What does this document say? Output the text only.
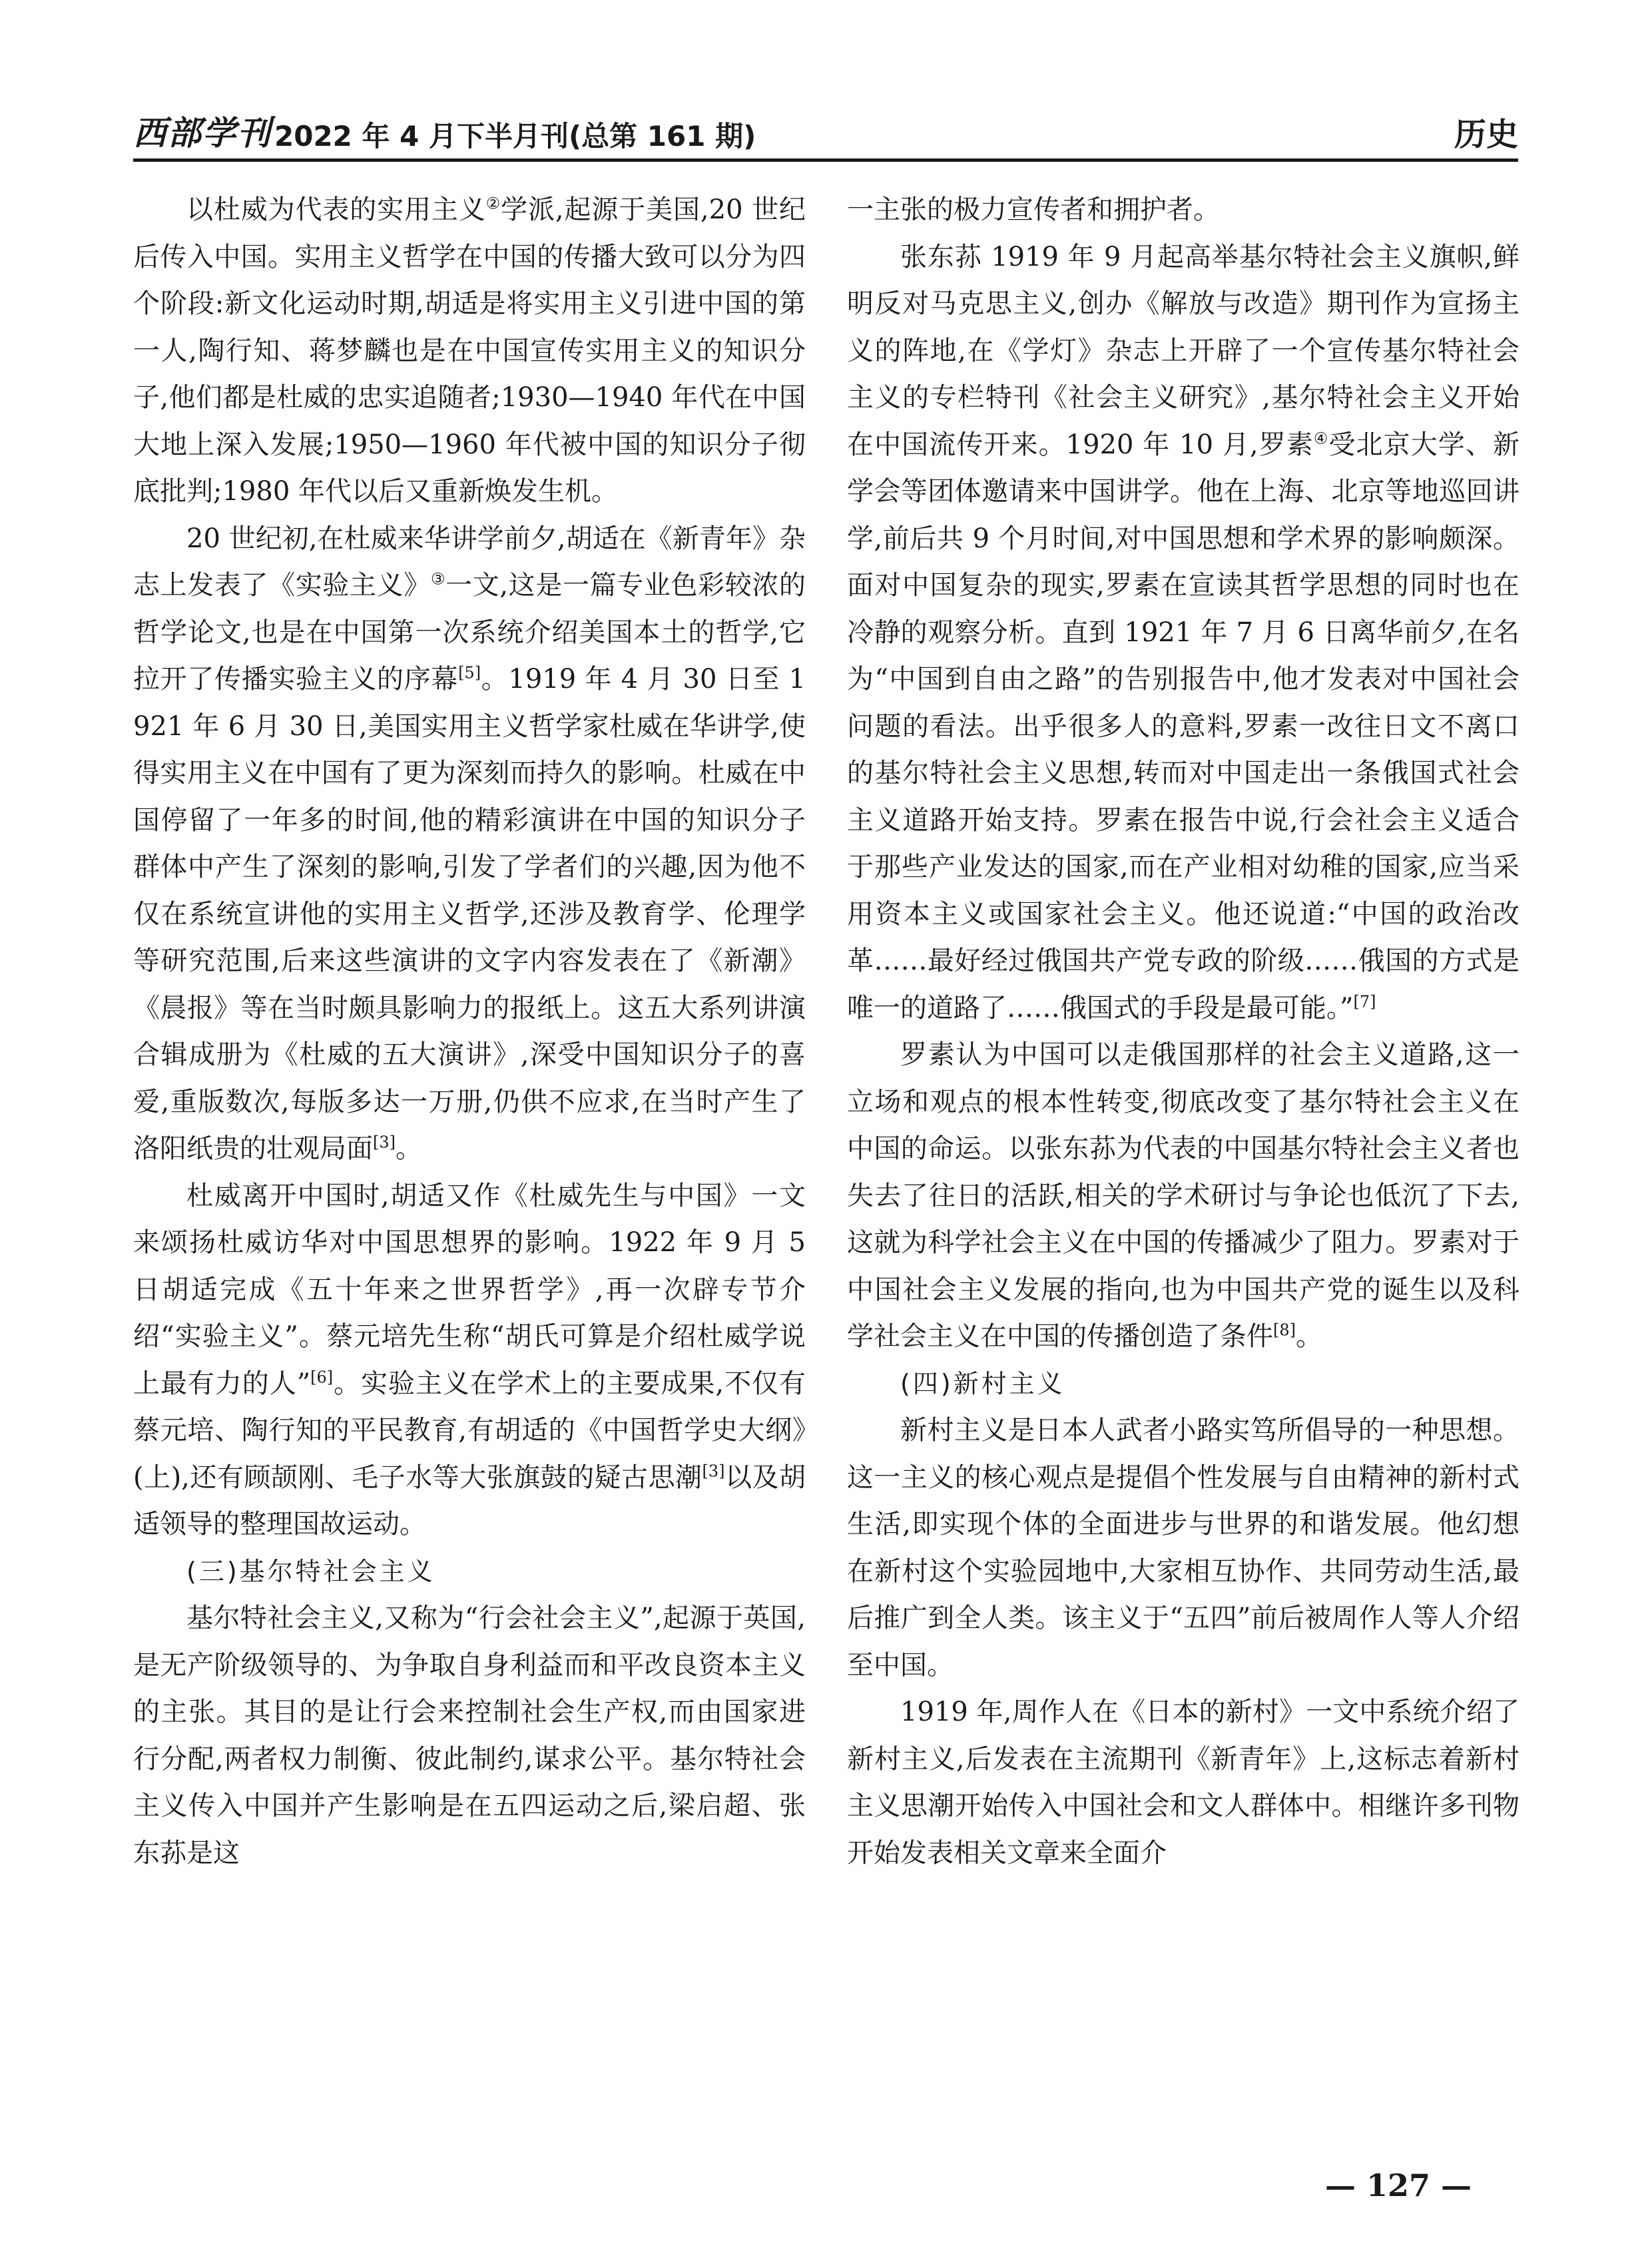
西部学刊 2022 年 4 月下半月刊(总第 161 期)	历史

以杜威为代表的实用主义②学派,起源于美国,20 世纪后传入中国。实用主义哲学在中国的传播大致可以分为四个阶段:新文化运动时期,胡适是将实用主义引进中国的第一人,陶行知、蒋梦麟也是在中国宣传实用主义的知识分子,他们都是杜威的忠实追随者;1930—1940 年代在中国大地上深入发展;1950—1960 年代被中国的知识分子彻底批判;1980 年代以后又重新焕发生机。

20 世纪初,在杜威来华讲学前夕,胡适在《新青年》杂志上发表了《实验主义》③一文,这是一篇专业色彩较浓的哲学论文,也是在中国第一次系统介绍美国本土的哲学,它拉开了传播实验主义的序幕[5]。1919 年 4 月 30 日至 1921 年 6 月 30 日,美国实用主义哲学家杜威在华讲学,使得实用主义在中国有了更为深刻而持久的影响。杜威在中国停留了一年多的时间,他的精彩演讲在中国的知识分子群体中产生了深刻的影响,引发了学者们的兴趣,因为他不仅在系统宣讲他的实用主义哲学,还涉及教育学、伦理学等研究范围,后来这些演讲的文字内容发表在了《新潮》《晨报》等在当时颇具影响力的报纸上。这五大系列讲演合辑成册为《杜威的五大演讲》,深受中国知识分子的喜爱,重版数次,每版多达一万册,仍供不应求,在当时产生了洛阳纸贵的壮观局面[3]。

杜威离开中国时,胡适又作《杜威先生与中国》一文来颂扬杜威访华对中国思想界的影响。1922 年 9 月 5 日胡适完成《五十年来之世界哲学》,再一次辟专节介绍“实验主义”。蔡元培先生称“胡氏可算是介绍杜威学说上最有力的人”[6]。实验主义在学术上的主要成果,不仅有蔡元培、陶行知的平民教育,有胡适的《中国哲学史大纲》(上),还有顾颉刚、毛子水等大张旗鼓的疑古思潮[3]以及胡适领导的整理国故运动。

(三)基尔特社会主义

基尔特社会主义,又称为“行会社会主义”,起源于英国,是无产阶级领导的、为争取自身利益而和平改良资本主义的主张。其目的是让行会来控制社会生产权,而由国家进行分配,两者权力制衡、彼此制约,谋求公平。基尔特社会主义传入中国并产生影响是在五四运动之后,梁启超、张东荪是这

一主张的极力宣传者和拥护者。

张东荪 1919 年 9 月起高举基尔特社会主义旗帜,鲜明反对马克思主义,创办《解放与改造》期刊作为宣扬主义的阵地,在《学灯》杂志上开辟了一个宣传基尔特社会主义的专栏特刊《社会主义研究》,基尔特社会主义开始在中国流传开来。1920 年 10 月,罗素④受北京大学、新学会等团体邀请来中国讲学。他在上海、北京等地巡回讲学,前后共 9 个月时间,对中国思想和学术界的影响颇深。面对中国复杂的现实,罗素在宣读其哲学思想的同时也在冷静的观察分析。直到 1921 年 7 月 6 日离华前夕,在名为“中国到自由之路”的告别报告中,他才发表对中国社会问题的看法。出乎很多人的意料,罗素一改往日文不离口的基尔特社会主义思想,转而对中国走出一条俄国式社会主义道路开始支持。罗素在报告中说,行会社会主义适合于那些产业发达的国家,而在产业相对幼稚的国家,应当采用资本主义或国家社会主义。他还说道:“中国的政治改革……最好经过俄国共产党专政的阶级……俄国的方式是唯一的道路了……俄国式的手段是最可能。”[7]

罗素认为中国可以走俄国那样的社会主义道路,这一立场和观点的根本性转变,彻底改变了基尔特社会主义在中国的命运。以张东荪为代表的中国基尔特社会主义者也失去了往日的活跃,相关的学术研讨与争论也低沉了下去,这就为科学社会主义在中国的传播减少了阻力。罗素对于中国社会主义发展的指向,也为中国共产党的诞生以及科学社会主义在中国的传播创造了条件[8]。

(四)新村主义

新村主义是日本人武者小路实笃所倡导的一种思想。这一主义的核心观点是提倡个性发展与自由精神的新村式生活,即实现个体的全面进步与世界的和谐发展。他幻想在新村这个实验园地中,大家相互协作、共同劳动生活,最后推广到全人类。该主义于“五四”前后被周作人等人介绍至中国。

1919 年,周作人在《日本的新村》一文中系统介绍了新村主义,后发表在主流期刊《新青年》上,这标志着新村主义思潮开始传入中国社会和文人群体中。相继许多刊物开始发表相关文章来全面介

— 127 —
